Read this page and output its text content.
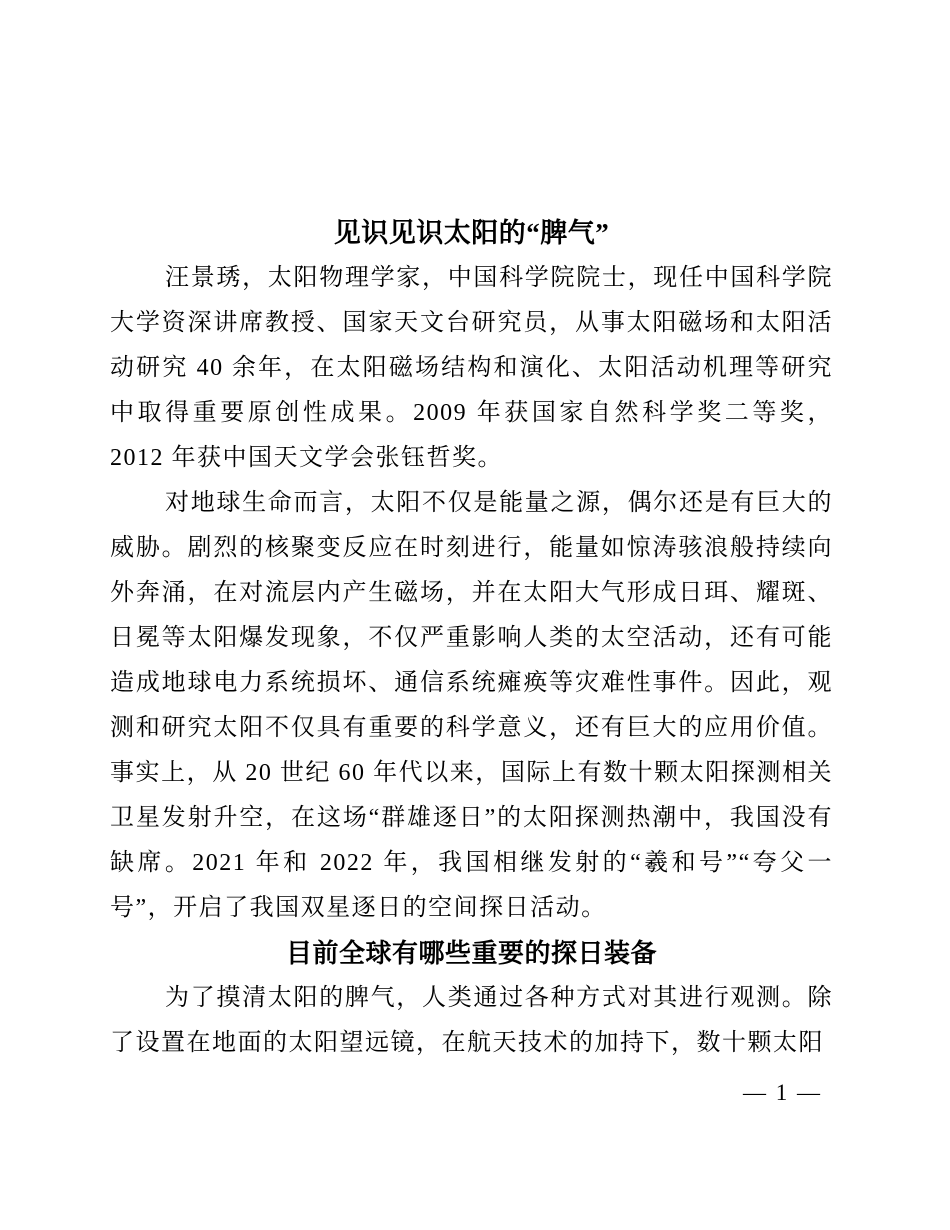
见识见识太阳的“脾气”

汪景琇，太阳物理学家，中国科学院院士，现任中国科学院大学资深讲席教授、国家天文台研究员，从事太阳磁场和太阳活动研究 40 余年，在太阳磁场结构和演化、太阳活动机理等研究中取得重要原创性成果。2009 年获国家自然科学奖二等奖，2012 年获中国天文学会张钰哲奖。

对地球生命而言，太阳不仅是能量之源，偶尔还是有巨大的威胁。剧烈的核聚变反应在时刻进行，能量如惊涛骇浪般持续向外奔涌，在对流层内产生磁场，并在太阳大气形成日珥、耀斑、日冕等太阳爆发现象，不仅严重影响人类的太空活动，还有可能造成地球电力系统损坏、通信系统瘫痪等灾难性事件。因此，观测和研究太阳不仅具有重要的科学意义，还有巨大的应用价值。事实上，从 20 世纪 60 年代以来，国际上有数十颗太阳探测相关卫星发射升空，在这场“群雄逐日”的太阳探测热潮中，我国没有缺席。2021 年和 2022 年，我国相继发射的“羲和号”“夸父一号”，开启了我国双星逐日的空间探日活动。

目前全球有哪些重要的探日装备

为了摸清太阳的脾气，人类通过各种方式对其进行观测。除了设置在地面的太阳望远镜，在航天技术的加持下，数十颗太阳

— 1 —
